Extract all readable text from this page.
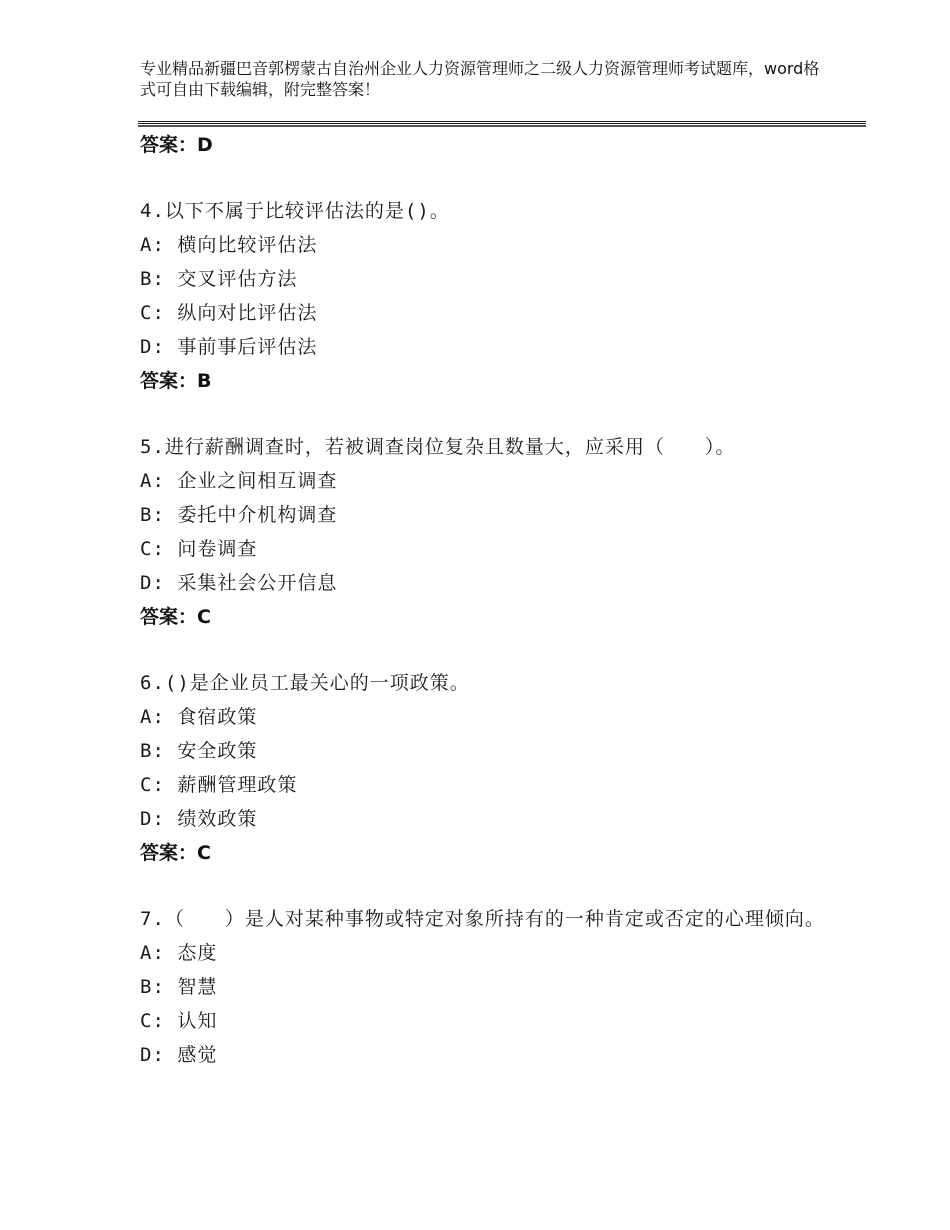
专业精品新疆巴音郭楞蒙古自治州企业人力资源管理师之二级人力资源管理师考试题库，word格式可自由下载编辑，附完整答案！
答案：D
4.以下不属于比较评估法的是()。
A: 横向比较评估法
B: 交叉评估方法
C: 纵向对比评估法
D: 事前事后评估法
答案：B
5.进行薪酬调查时，若被调查岗位复杂且数量大，应采用（　　）。
A: 企业之间相互调查
B: 委托中介机构调查
C: 问卷调查
D: 采集社会公开信息
答案：C
6.()是企业员工最关心的一项政策。
A: 食宿政策
B: 安全政策
C: 薪酬管理政策
D: 绩效政策
答案：C
7.（　　）是人对某种事物或特定对象所持有的一种肯定或否定的心理倾向。
A: 态度
B: 智慧
C: 认知
D: 感觉
